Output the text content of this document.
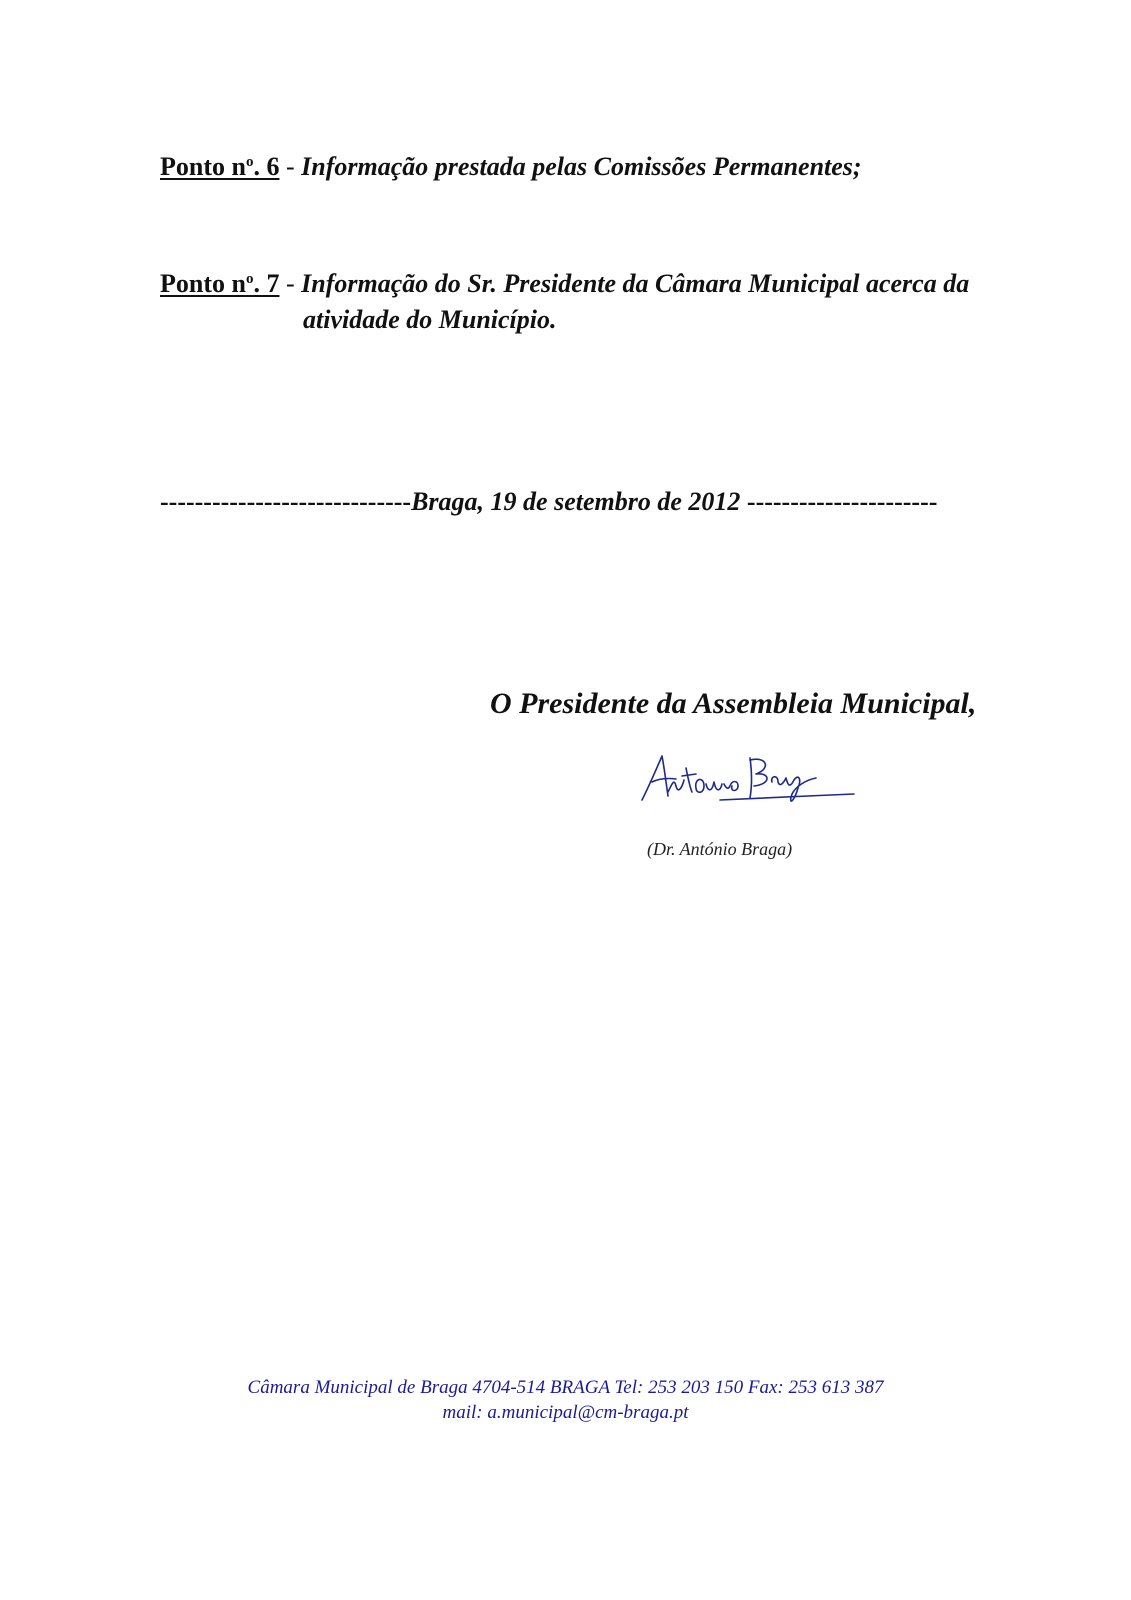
Ponto $n^o$. 6 - Informação prestada pelas Comissões Permanentes;
Ponto $n^o$. 7 - Informação do Sr. Presidente da Câmara Municipal acerca da
atividade do Município.
-----------------------------Braga, 19 de setembro de 2012 ----------------------
O Presidente da Assembleia Municipal,
(Dr. António Braga)
Câmara Municipal de Braga 4704-514 BRAGA Tel: 253 203 150 Fax: 253 613 387
mail: a.municipal@cm-braga.pt
